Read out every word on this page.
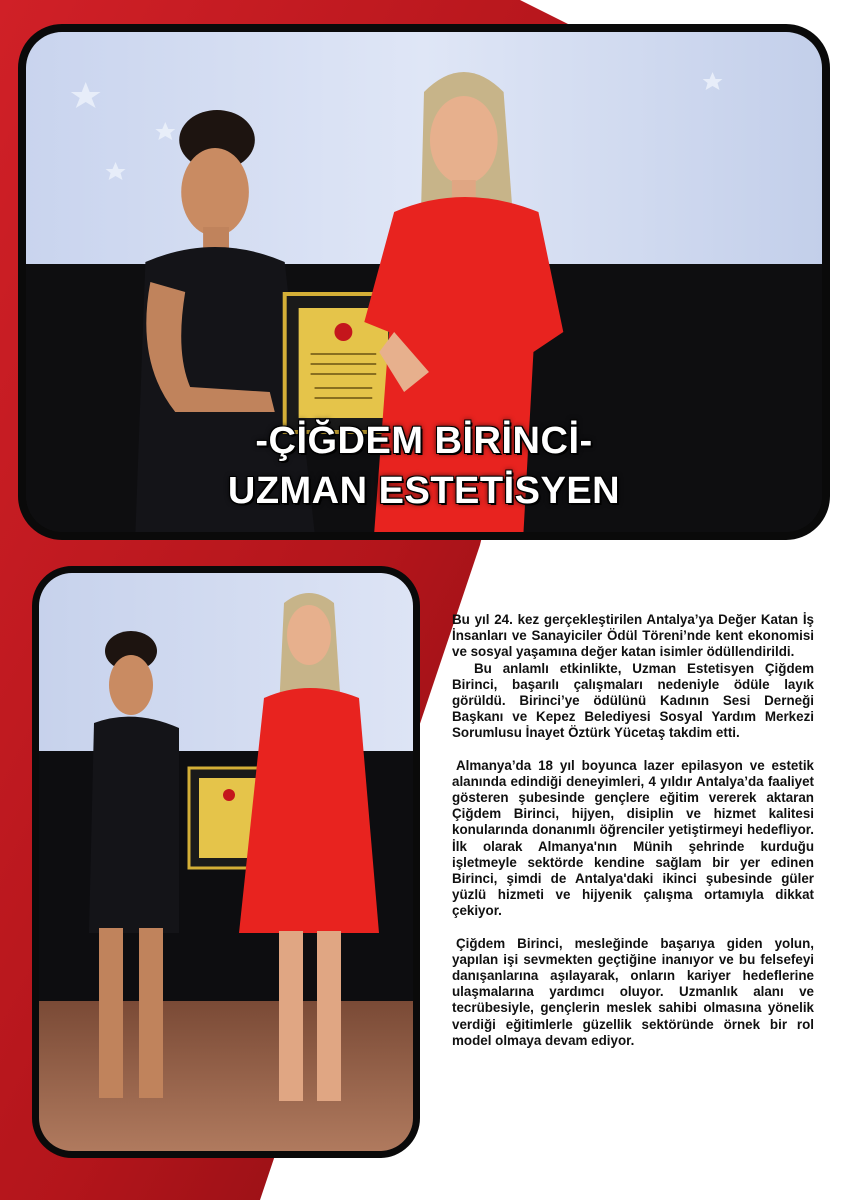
-ÇİĞDEM BİRİNCİ-
UZMAN ESTETİSYEN

Bu yıl 24. kez gerçekleştirilen Antalya’ya Değer Katan İş İnsanları ve Sanayiciler Ödül Töreni’nde kent ekonomisi ve sosyal yaşamına değer katan isimler ödüllendirildi.

Bu anlamlı etkinlikte, Uzman Estetisyen Çiğdem Birinci, başarılı çalışmaları nedeniyle ödüle layık görüldü. Birinci’ye ödülünü Kadının Sesi Derneği Başkanı ve Kepez Belediyesi Sosyal Yardım Merkezi Sorumlusu İnayet Öztürk Yücetaş takdim etti.

Almanya’da 18 yıl boyunca lazer epilasyon ve estetik alanında edindiği deneyimleri, 4 yıldır Antalya’da faaliyet gösteren şubesinde gençlere eğitim vererek aktaran Çiğdem Birinci, hijyen, disiplin ve hizmet kalitesi konularında donanımlı öğrenciler yetiştirmeyi hedefliyor. İlk olarak Almanya'nın Münih şehrinde kurduğu işletmeyle sektörde kendine sağlam bir yer edinen Birinci, şimdi de Antalya'daki ikinci şubesinde güler yüzlü hizmeti ve hijyenik çalışma ortamıyla dikkat çekiyor.

Çiğdem Birinci, mesleğinde başarıya giden yolun, yapılan işi sevmekten geçtiğine inanıyor ve bu felsefeyi danışanlarına aşılayarak, onların kariyer hedeflerine ulaşmalarına yardımcı oluyor. Uzmanlık alanı ve tecrübesiyle, gençlerin meslek sahibi olmasına yönelik verdiği eğitimlerle güzellik sektöründe örnek bir rol model olmaya devam ediyor.
